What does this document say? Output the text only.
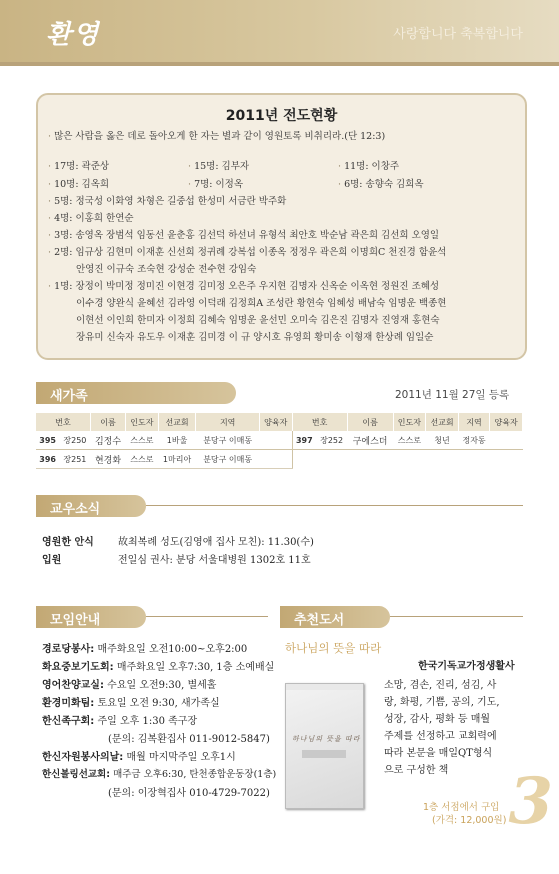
환영	사랑합니다 축복합니다
2011년 전도현황
· 많은 사람을 옳은 데로 돌아오게 한 자는 별과 같이 영원토록 비취리라.(단 12:3)
· 17명: 곽준상	· 15명: 김부자	· 11명: 이창주
· 10명: 김옥희	· 7명: 이정옥	· 6명: 송향숙 김희옥
· 5명: 정국성 이화영 차형은 길중섭 한성미 서금란 박주화
· 4명: 이홍희 한연순
· 3명: 송영옥 장범석 임동선 윤춘홍 김선덕 하선녀 유형석 최안호 박순남 곽은희 김선희 오영일
· 2명: 임규상 김현미 이재훈 신선희 정귀례 강복섭 이종옥 정정우 곽은희 이명희C 천진경 함윤석
안영진 이규숙 조숙현 강성순 전수현 강임숙
· 1명: 장정이 박미정 정미진 이현경 김미정 오은주 우지현 김명자 신옥순 이옥현 정원진 조혜성
이수경 양완식 윤혜선 김라영 이덕래 김정희A 조성란 황현숙 임혜성 배남숙 임명운 백종현
이현선 이인희 한미자 이정희 김혜숙 임명운 윤선민 오미숙 김은진 김명자 진영재 홍현숙
장유미 신숙자 유도우 이재훈 김미경 이 규 양시호 유영희 황미송 이형재 한상례 임일순
새가족	2011년 11월 27일 등록
번호		이름	인도자	선교회	지역	양육자	번호		이름	인도자	선교회	지역	양육자
395	장250	김정수	스스로	1바울	분당구 이매동		397	장252	구에스더	스스로	청년	정자동	
396	장251	현경화	스스로	1마리아	분당구 이매동								
교우소식
영원한 안식 故최복례 성도(김영애 집사 모친): 11.30(수)
입원	전일심 권사: 분당 서울대병원 1302호 11호
모임안내
경로당봉사: 매주화요일 오전10:00~오후2:00
화요중보기도회: 매주화요일 오후7:30, 1층 소예배실
영어찬양교실: 수요일 오전9:30, 별세홀
환경미화팀: 토요일 오전 9:30, 새가족실
한신족구회: 주일 오후 1:30 족구장
(문의: 김복환집사 011-9012-5847)
한신자원봉사의날: 매월 마지막주일 오후1시
한신볼링선교회: 매주금 오후6:30, 탄천종합운동장(1층)
(문의: 이장혁집사 010-4729-7022)
추천도서
하나님의 뜻을 따라
한국기독교가정생활사
하나님의 뜻을 따라
소망, 겸손, 진리, 섬김, 사
랑, 화평, 기쁨, 공의, 기도,
성장, 감사, 평화 등 매월
주제를 선정하고 교회력에
따라 본문을 매일QT형식
으로 구성한 책
1층 서점에서 구입
(가격: 12,000원) 3
